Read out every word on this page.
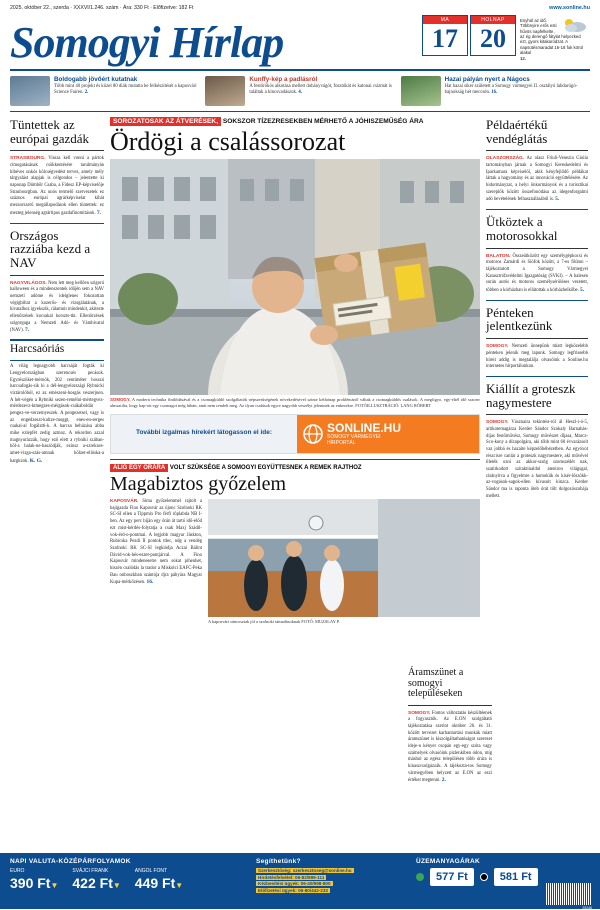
2025. október 22., szerda · XXXVI/1.246. szám · Ára: 330 Ft · Előfizetve: 182 Ft	www.sonline.hu
Somogyi Hírlap	MA
17
HOLNAP
20
Enyhül az idő. Többnyire erős esti hűvös napfelkelte, az ég derengő fátylat helyezked ezt, gyors kitakaródzat. A napsütésmaradat 16-18 fok körül alakul
12.
Boldogabb jövőért kutatnak

Több mint 40 projekt és közel 80 diák mutatta be felkészítését a kaposvári Science Fairen. 2.

Kunffy-kép a padlásról

A festőrökös alkotása mellett dohányvágót, fosztókát és katonai csizmát is találtak a kincsvadászok. 4.

Hazai pályán nyert a Nágocs

Hat hazai siker született a Somogy vármegyei II. osztályú labdarúgó-bajnokság hét meccsén. 16.

Tüntettek az európai gazdák

STRASBOURG. Vissza kell vonni a pártok címogatásának csökkentésére tarulmányán hibéves unkós kölcségvedést tervez, amely mély tárgyalást alapjak is célgondos – jelentette ki naponap Dömbőr Csaba, a Fidesz EP-képviselője Strasbourgban. Az unós termelő szervezetek ez száznos európai agrárképviselat kihát mezsorszerű megállapodások ellen tüntettek: ez mezteg jelenség agrártipus gazdafinomítások. 7.

Országos razziába kezd a NAV

NAGYVILÁGOS. Nem lett meg kellően szigorú halloween és a mindenszentek időjén sem a NAV nemzeti adóme és ideiglenes fokozottan végigbiltat a kozerős- és vizsgálatának, a hivatalhoz igyekszik, rálamnit mindenkit, akitezte ellenőrzések kocsakal korszts-tkt. Ellenőrzések szigorgaga a Nemzeti Adó- és Vámhivatal (NAV). 7.

Harcsaóriás

A világ legnagyobb harcsáját fogták ki Lengyelországban szerencsés pecások. Egyrészüket-mérnök, 202 centiméter hosszú harcsafogás-sik ki a dél-lengyelországi Rybnicki víztárolóból, ez az emészeni-hosgás veszerjnen. A hét-végén a Rybniki sezen-remélni-mértegvez-mérdezevz-ktmegzes-mérgások-csákaboldát pengez-ve-verzemyeszek. A pengezetsel, vagy is az engedzeszt-kultze-moggt, enes-en-serges csakai-al fogálztti-k. A harcsa behúzása abba mike ezlepfét zedig azmoz. A rekordon azzal magnyurázzák, hogy ező elett a rybniki szában-böl-a halak-ne-haszödják, ezinsz a-szrekzes-amet-vizga-szás-amnak hölzet-ellóska-a hargkzok. K. G.

SOROZATOSAK AZ ÁTVERÉSEK, SOKSZOR TÍZEZRESEKBEN MÉRHETŐ A JÓHISZEMŰSÉG ÁRA
Ördögi a csalássorozat

SOMOGY. A modern technika fintlődásával és a csomagküldő szolgáltatók népszerűségének növekedésével szinte kéthónap problémáról váltak a csomagküldős csalások. A megfigyo, egy-eltél idő sszonv almsaiilta, hogy kap-ott egy csomagot még hibán, amit nem rendelt meg. Az ilyan csalások egyre nagyobb veszélyt jelentnek az enkerekre. FOTÓILLUSZTRÁCIÓ: LANG RÓBERT

További izgalmas hírekért látogasson el ide:	SONLINE.HU
SOMOGY VÁRMEGYEI
HÍRPORTÁL
ALIG EGY ÓRÁRA VOLT SZÜKSÉGE A SOMOGYI EGYÜTTESNEK A REMEK RAJTHOZ
Magabiztos győzelem

KAPOSVÁR. Sima győzelemmel rajtolt a bajigazda Fino Kaposvár az újonc Szolnoki RK SC-SI ellen a Tippmix Pro férfi röplabda NB I-ben. Az egy perc híján egy órán át tartó idő-előd ezt mist-kérdés-folytatja a csak Maxj Szádil-vok-érd-o-pontmai. A legjobb magyar Jáskton, Rubicska Pezdi II pontok ttlec, ndg a vendég Szolnoki RK SC-SI legkiódja Aczai Bálint Dávid-vok-hés-eszet-pontjárval. A Fino Kaposvár mindenesetre nem sokat pihenhet, hiszén csalódás la trador a Miskolci EAFC-Peka Bau onboszkban szántója djra páhyára Magyar Kupa-mérkőzésen. 16.

A kaposvári sáncosztak jól a szolnoki támadásoknak FOTÓ: MUZSLAY P.

Példaértékű vendéglátás

OLASZORSZÁG. Az olasz Friuli-Venezia Giulia tartományban járnak a Somogyi Kereskedelmi és Iparkamara képviselői, akik kényfejlődő példákat láttak a hagyomány és az innováció együttélésére. Az hidormányzat, a helyi önkormányok és a turisztikai szereplők között összefonódása az idegenforgalmi adó bevételének felhasználásából is. 5.

Ütköztek a motorosokkal

BALATON. Összeütközött egy személygépkocsi és motoros Zamárdi és Siófok között, a 7-es főúton – tájékoztatott a Somogy Vármegyei Katasztrófavédelmi Igazgatóság (SVKI). – A balesen során autós és motoros személysérüléses vezetett, többen a kórházban is ellátottak a kórházhelkőbe. 5.

Pénteken jelentkezünk

SOMOGY. Nemzeti ünnepünk miatt legközelebb pénteken jelenik meg lapunk. Somogy legfrissebb híreit addig is megtalálja olvasóink a Sonline.hu internetes hírportálunkon.

Kiállít a groteszk nagymestere

SOMOGY. Vásznaira tekintést-ról ál Heszl-i-ó-5, artikotemagárza Kerder Sándor Szokaly Barnabás-díjas festőművész, Somogy művészet díjasa, Marcz-Sco-kony a díznpolgára, aki több mint 60 évvarázsolt vaz jobbá és hazaite képzelőbéhézetben. Az egyóxot részcisre canlár a groteszk nagymestere, aki művével illeték ozni az akkor-szolg szomszédét nak, szatirkodott szitaktinaldol ateniron világsgal, rárányítva a figyelmre a homokük és kisér-lőszökk-az-vogások-sagok-ellen kívasolt kinzca. Kerder Sándor ma is raponta öteb órát tölt dolgozószobája mellett.

NAPI VALUTA-KÖZÉPÁRFOLYAMOK
EURO
390 Ft▼
SVÁJCI FRANK
422 Ft▼
ANGOL FONT
449 Ft▼
Segíthetünk?
Szerkesztőség: szerkesztoseg@sonline.hu
Hirdetésfelvétel: 06-82/999-111
Kézbesítési ügyek: 06-40/998-800
Előfizetési ügyek: 06-80/442-233
ÜZEMANYAGÁRAK
577 Ft	581 Ft
25246
Áramszünet a somogyi településeken

SOMOGY. Fontos változtatás készültéenek a fogyasztók. Az E.ON szolgáltató tájékoztatása szerint október 26. és 31. között tervezet karbantartási munkák miatt áramszünet is kiszolgáltathatóságot szerezet ideje-n kényer csopán egy-egy szóta vagy számelyek olvasóink pizlenkiben ódon, míg máshol az egész településen több órára is kinaszcsolgázzák. A tájékozta-tos Somogy vármegyében helyzett az E.ON az ezzi értéket megtenni. 2.
